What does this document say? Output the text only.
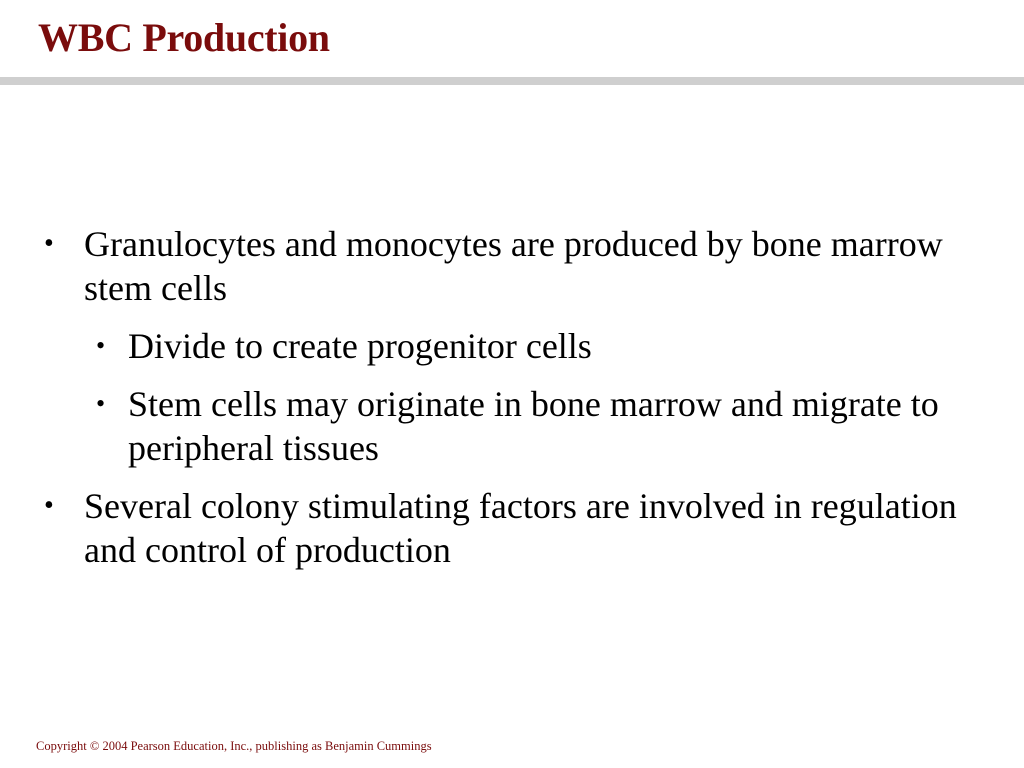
WBC Production
• Granulocytes and monocytes are produced by bone marrow stem cells
• Divide to create progenitor cells
• Stem cells may originate in bone marrow and migrate to peripheral tissues
• Several colony stimulating factors are involved in regulation and control of production
Copyright © 2004 Pearson Education, Inc., publishing as Benjamin Cummings
